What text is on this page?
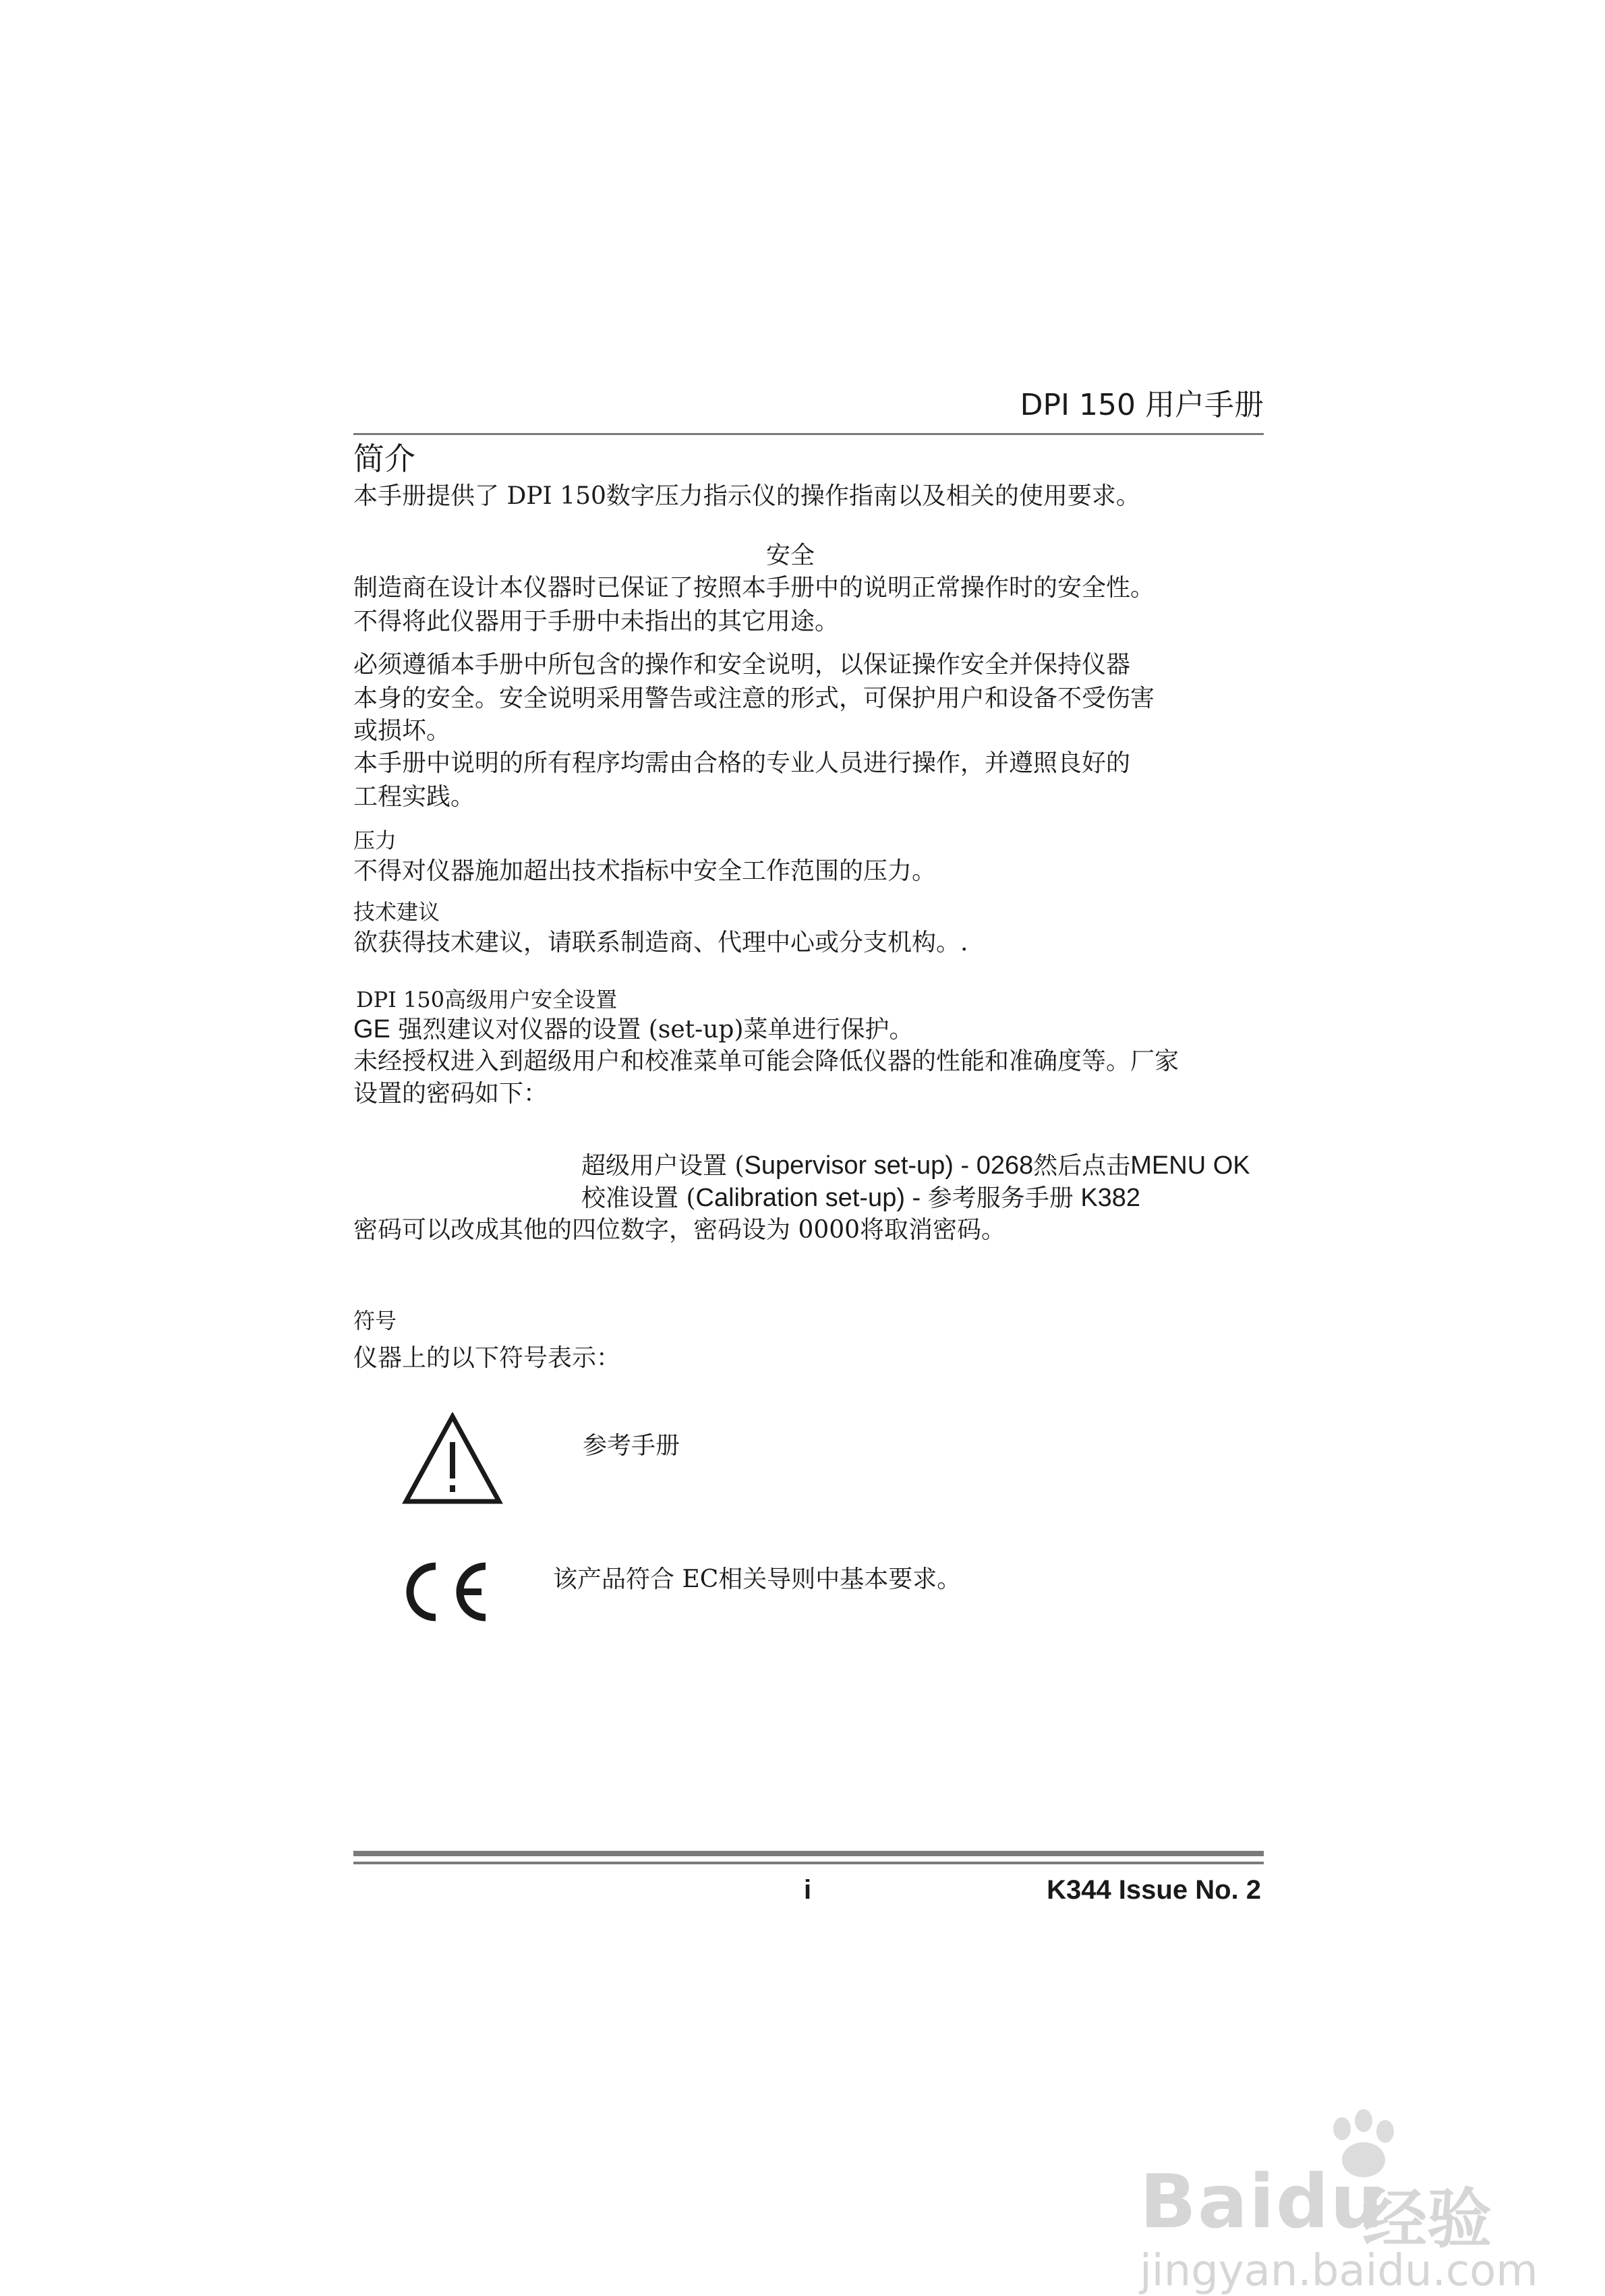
DPI 150 用户手册
简介
本手册提供了 DPI 150数字压力指示仪的操作指南以及相关的使用要求。
安全
制造商在设计本仪器时已保证了按照本手册中的说明正常操作时的安全性。
不得将此仪器用于手册中未指出的其它用途。
必须遵循本手册中所包含的操作和安全说明，以保证操作安全并保持仪器
本身的安全。安全说明采用警告或注意的形式，可保护用户和设备不受伤害
或损坏。
本手册中说明的所有程序均需由合格的专业人员进行操作，并遵照良好的
工程实践。
压力
不得对仪器施加超出技术指标中安全工作范围的压力。
技术建议
欲获得技术建议，请联系制造商、代理中心或分支机构。.
DPI 150高级用户安全设置
GE 强烈建议对仪器的设置 (set-up)菜单进行保护。
未经授权进入到超级用户和校准菜单可能会降低仪器的性能和准确度等。厂家
设置的密码如下：
超级用户设置 (Supervisor set-up) - 0268然后点击MENU OK
校准设置 (Calibration set-up) - 参考服务手册 K382
密码可以改成其他的四位数字，密码设为 0000将取消密码。
符号
仪器上的以下符号表示：
参考手册
该产品符合 EC相关导则中基本要求。
i	K344 Issue No. 2
Baidu
经验
jingyan.baidu.com
